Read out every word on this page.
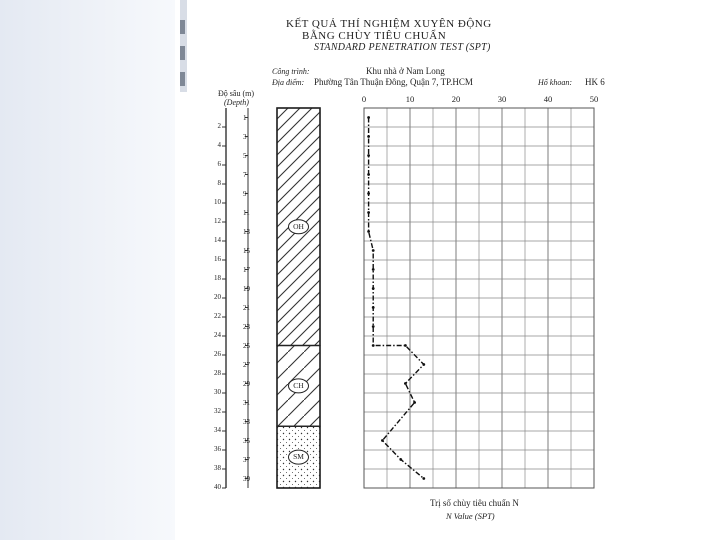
KẾT QUẢ THÍ NGHIỆM XUYÊN ĐỘNG
BẰNG CHÙY TIÊU CHUẨN
STANDARD PENETRATION TEST (SPT)
Công trình:	Khu nhà ở Nam Long
Địa điểm: Phường Tân Thuận Đông, Quận 7, TP.HCM	Hố khoan: HK 6
Độ sâu (m)
(Depth)
Trị số chùy tiêu chuẩn N
N Value (SPT)
2
4
6
8
10
12
14
16
18
20
22
24
26
28
30
32
34
36
38
40
1
3
5
7
9
11
13
15
17
19
21
23
25
27
29
31
33
35
37
39
OH
CH
SM
0	10	20	30	40	50
